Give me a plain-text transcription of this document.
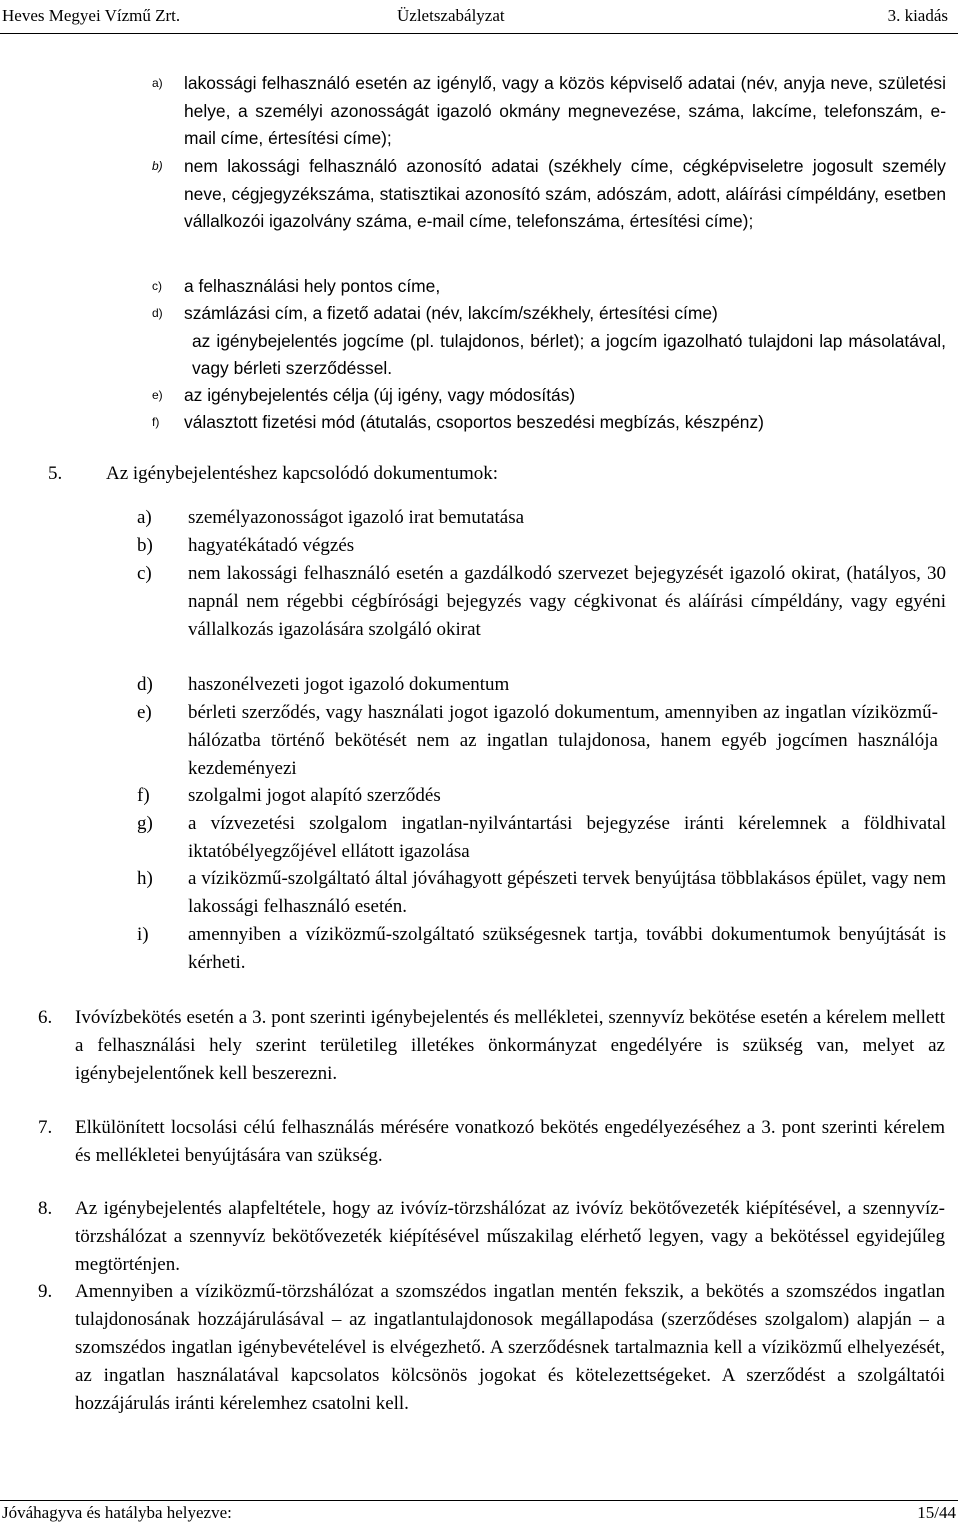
Heves Megyei Vízmű Zrt.	Üzletszabályzat	3. kiadás
a) lakossági felhasználó esetén az igénylő, vagy a közös képviselő adatai (név, anyja neve, születési helye, a személyi azonosságát igazoló okmány megnevezése, száma, lakcíme, telefonszám, e-mail címe, értesítési címe);
b) nem lakossági felhasználó azonosító adatai (székhely címe, cégképviseletre jogosult személy neve, cégjegyzékszáma, statisztikai azonosító szám, adószám, adott, aláírási címpéldány, esetben vállalkozói igazolvány száma, e-mail címe, telefonszáma, értesítési címe);
c) a felhasználási hely pontos címe,
d) számlázási cím, a fizető adatai (név, lakcím/székhely, értesítési címe)
az igénybejelentés jogcíme (pl. tulajdonos, bérlet); a jogcím igazolható tulajdoni lap másolatával, vagy bérleti szerződéssel.
e) az igénybejelentés célja (új igény, vagy módosítás)
f) választott fizetési mód (átutalás, csoportos beszedési megbízás, készpénz)
5. Az igénybejelentéshez kapcsolódó dokumentumok:
a) személyazonosságot igazoló irat bemutatása
b) hagyatékátadó végzés
c) nem lakossági felhasználó esetén a gazdálkodó szervezet bejegyzését igazoló okirat, (hatályos, 30 napnál nem régebbi cégbírósági bejegyzés vagy cégkivonat és aláírási címpéldány, vagy egyéni vállalkozás igazolására szolgáló okirat
d) haszonélvezeti jogot igazoló dokumentum
e) bérleti szerződés, vagy használati jogot igazoló dokumentum, amennyiben az ingatlan víziközmű-hálózatba történő bekötését nem az ingatlan tulajdonosa, hanem egyéb jogcímen használója kezdeményezi
f) szolgalmi jogot alapító szerződés
g) a vízvezetési szolgalom ingatlan-nyilvántartási bejegyzése iránti kérelemnek a földhivatal iktatóbélyegzőjével ellátott igazolása
h) a víziközmű-szolgáltató által jóváhagyott gépészeti tervek benyújtása többlakásos épület, vagy nem lakossági felhasználó esetén.
i) amennyiben a víziközmű-szolgáltató szükségesnek tartja, további dokumentumok benyújtását is kérheti.
6. Ivóvízbekötés esetén a 3. pont szerinti igénybejelentés és mellékletei, szennyvíz bekötése esetén a kérelem mellett a felhasználási hely szerint területileg illetékes önkormányzat engedélyére is szükség van, melyet az igénybejelentőnek kell beszerezni.
7. Elkülönített locsolási célú felhasználás mérésére vonatkozó bekötés engedélyezéséhez a 3. pont szerinti kérelem és mellékletei benyújtására van szükség.
8. Az igénybejelentés alapfeltétele, hogy az ivóvíz-törzshálózat az ivóvíz bekötővezeték kiépítésével, a szennyvíz-törzshálózat a szennyvíz bekötővezeték kiépítésével műszakilag elérhető legyen, vagy a bekötéssel egyidejűleg megtörténjen.
9. Amennyiben a víziközmű-törzshálózat a szomszédos ingatlan mentén fekszik, a bekötés a szomszédos ingatlan tulajdonosának hozzájárulásával – az ingatlantulajdonosok megállapodása (szerződéses szolgalom) alapján – a szomszédos ingatlan igénybevételével is elvégezhető. A szerződésnek tartalmaznia kell a víziközmű elhelyezését, az ingatlan használatával kapcsolatos kölcsönös jogokat és kötelezettségeket. A szerződést a szolgáltatói hozzájárulás iránti kérelemhez csatolni kell.
Jóváhagyva és hatályba helyezve:	15/44
